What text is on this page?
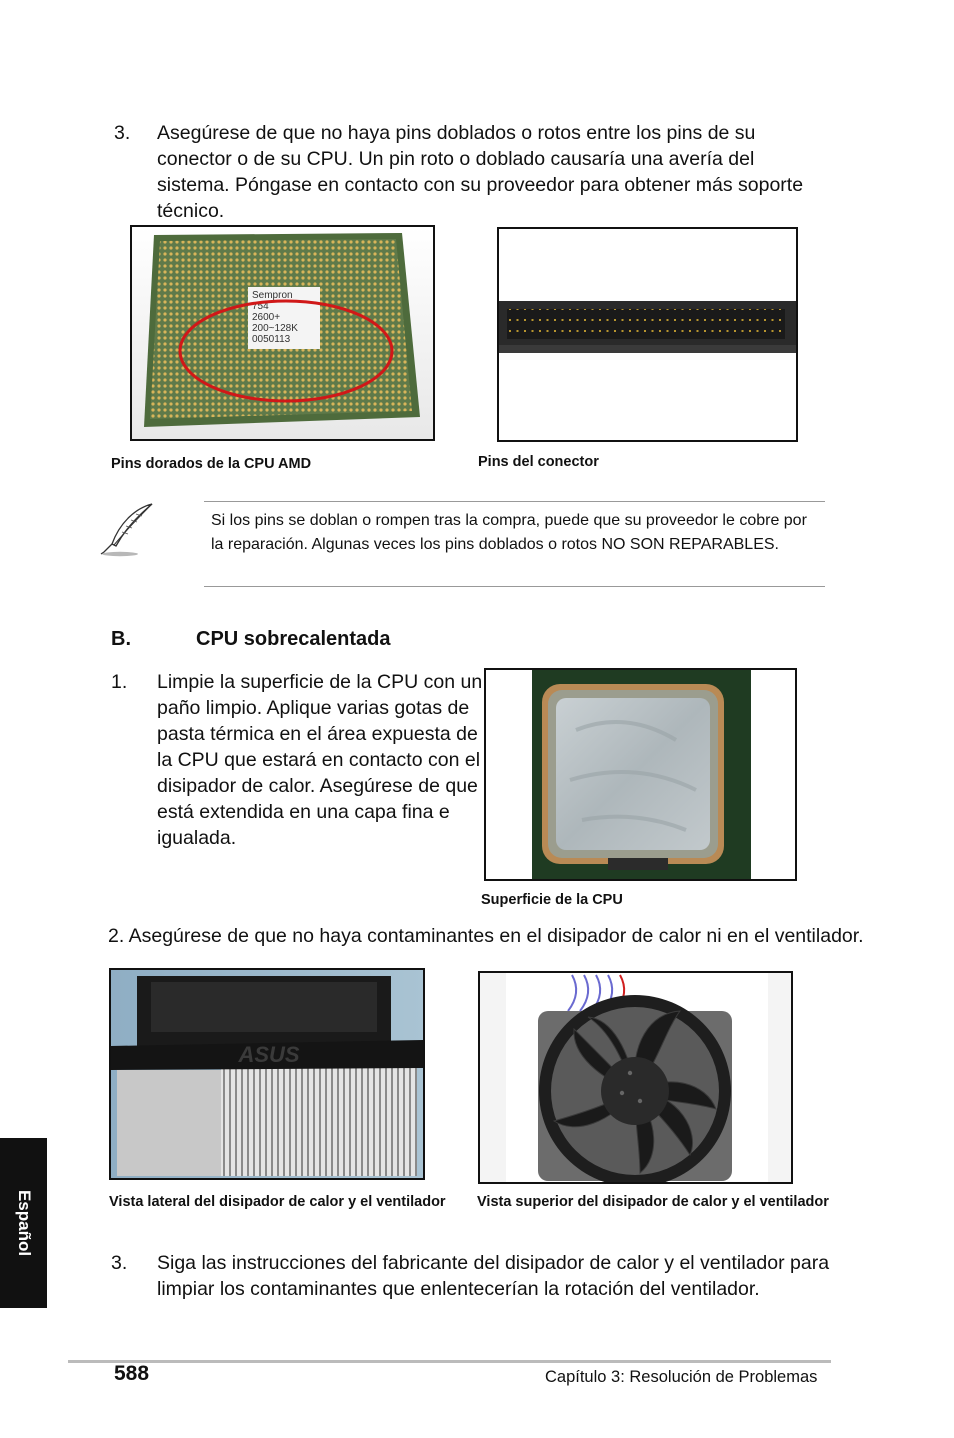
3. Asegúrese de que no haya pins doblados o rotos entre los pins de su conector o de su CPU. Un pin roto o doblado causaría una avería del sistema. Póngase en contacto con su proveedor para obtener más soporte técnico.
Sempron
754
2600+
200~128K
0050113
Pins dorados de la CPU AMD	Pins del conector
Si los pins se doblan o rompen tras la compra, puede que su proveedor le cobre por la reparación. Algunas veces los pins doblados o rotos NO SON REPARABLES.
B.	CPU sobrecalentada
1. Limpie la superficie de la CPU con un paño limpio. Aplique varias gotas de pasta térmica en el área expuesta de la CPU que estará en contacto con el disipador de calor. Asegúrese de que está extendida en una capa fina e igualada.
Superficie de la CPU
2. Asegúrese de que no haya contaminantes en el disipador de calor ni en el ventilador.
ASUS
Vista lateral del disipador de calor y el ventilador Vista superior del disipador de calor y el ventilador
3. Siga las instrucciones del fabricante del disipador de calor y el ventilador para limpiar los contaminantes que enlentecerían la rotación del ventilador.
Español
588	Capítulo 3: Resolución de Problemas
